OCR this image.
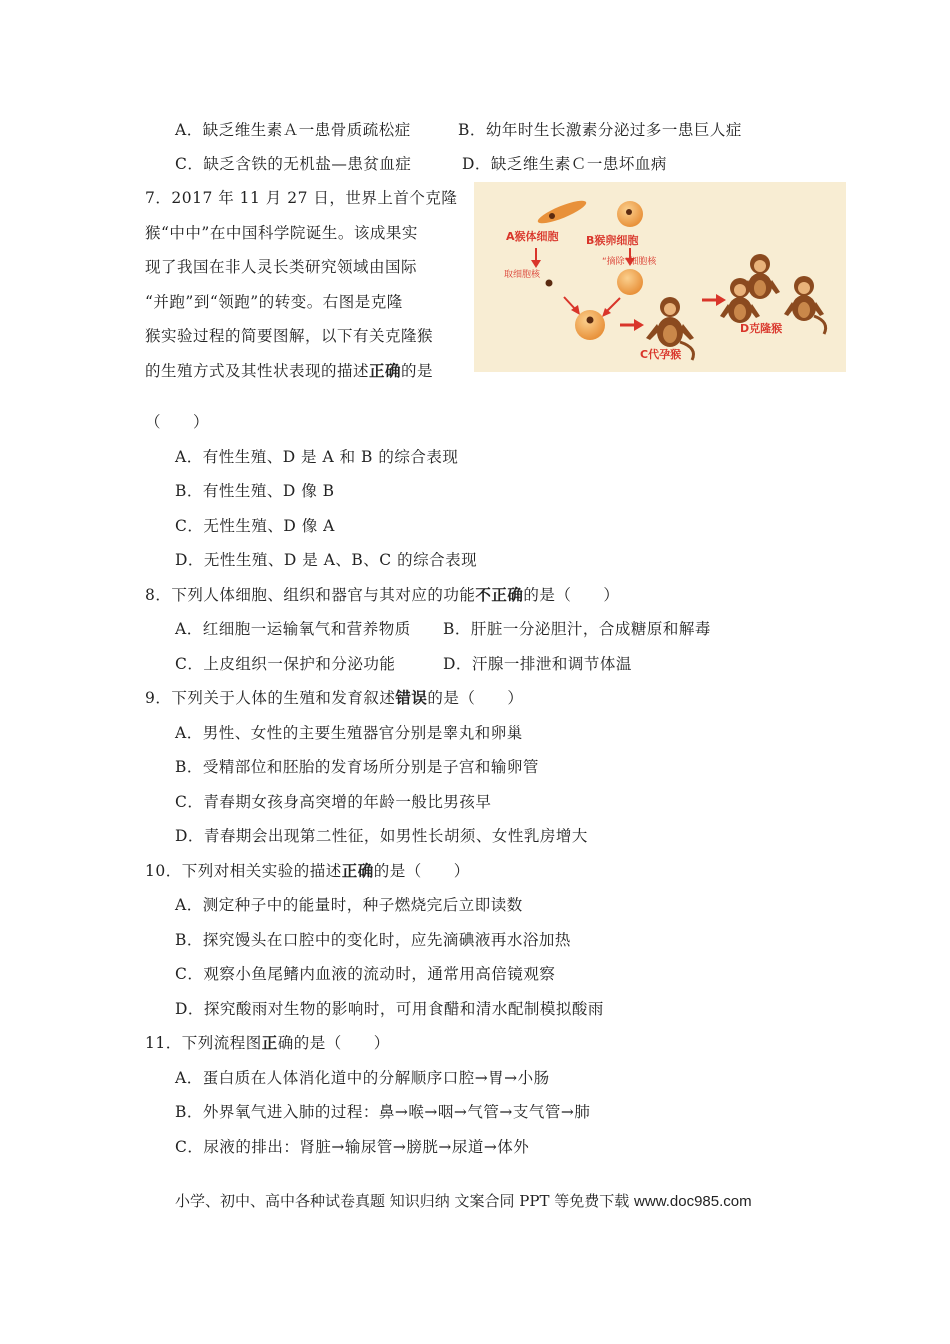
A．缺乏维生素Ａ一患骨质疏松症	B．幼年时生长激素分泌过多一患巨人症
C．缺乏含铁的无机盐—患贫血症	D．缺乏维生素Ｃ一患坏血病
7．2017 年 11 月 27 日，世界上首个克隆
猴“中中”在中国科学院诞生。该成果实
现了我国在非人灵长类研究领域由国际
“并跑”到“领跑”的转变。右图是克隆
猴实验过程的简要图解，以下有关克隆猴
的生殖方式及其性状表现的描述正确的是
（　　）
A猴体细胞
取细胞核
B猴卵细胞
“摘除”细胞核
C代孕猴
D克隆猴
A．有性生殖、D 是 A 和 B 的综合表现
B．有性生殖、D 像 B
C．无性生殖、D 像 A
D．无性生殖、D 是 A、B、C 的综合表现
8．下列人体细胞、组织和器官与其对应的功能不正确的是（　　）
A．红细胞一运输氧气和营养物质 B．肝脏一分泌胆汁，合成糖原和解毒
C．上皮组织一保护和分泌功能	D．汗腺一排泄和调节体温
9．下列关于人体的生殖和发育叙述错误的是（　　）
A．男性、女性的主要生殖器官分别是睾丸和卵巢
B．受精部位和胚胎的发育场所分别是子宫和输卵管
C．青春期女孩身高突增的年龄一般比男孩早
D．青春期会出现第二性征，如男性长胡须、女性乳房增大
10．下列对相关实验的描述正确的是（　　）
A．测定种子中的能量时，种子燃烧完后立即读数
B．探究馒头在口腔中的变化时，应先滴碘液再水浴加热
C．观察小鱼尾鳍内血液的流动时，通常用高倍镜观察
D．探究酸雨对生物的影响时，可用食醋和清水配制模拟酸雨
11．下列流程图正确的是（　　）
A．蛋白质在人体消化道中的分解顺序口腔→胃→小肠
B．外界氧气进入肺的过程：鼻→喉→咽→气管→支气管→肺
C．尿液的排出：肾脏→输尿管→膀胱→尿道→体外
小学、初中、高中各种试卷真题 知识归纳 文案合同 PPT 等免费下载 www.doc985.com
